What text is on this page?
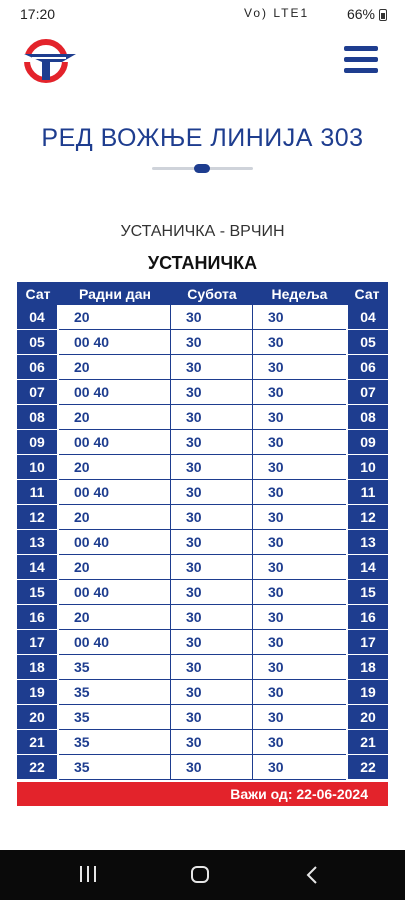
17:20	Vo) LTE1	66%
РЕД ВОЖЊЕ ЛИНИЈА 303
УСТАНИЧКА - ВРЧИН
УСТАНИЧКА
Сат	Радни дан	Субота	Недеља	Сат
04	20	30	30	04
05	00 40	30	30	05
06	20	30	30	06
07	00 40	30	30	07
08	20	30	30	08
09	00 40	30	30	09
10	20	30	30	10
11	00 40	30	30	11
12	20	30	30	12
13	00 40	30	30	13
14	20	30	30	14
15	00 40	30	30	15
16	20	30	30	16
17	00 40	30	30	17
18	35	30	30	18
19	35	30	30	19
20	35	30	30	20
21	35	30	30	21
22	35	30	30	22
Важи од: 22-06-2024
